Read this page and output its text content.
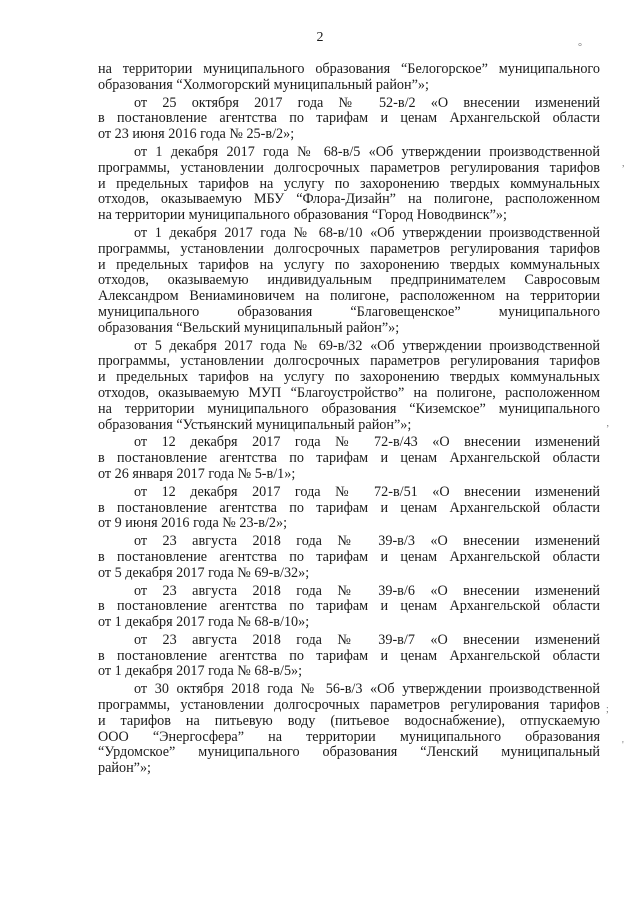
2
на территории муниципального образования “Белогорское” муниципального
образования “Холмогорский муниципальный район”»;
от 25 октября 2017 года № 52-в/2 «О внесении изменений
в постановление агентства по тарифам и ценам Архангельской области
от 23 июня 2016 года № 25-в/2»;
от 1 декабря 2017 года № 68-в/5 «Об утверждении производственной
программы, установлении долгосрочных параметров регулирования тарифов
и предельных тарифов на услугу по захоронению твердых коммунальных
отходов, оказываемую МБУ “Флора-Дизайн” на полигоне, расположенном
на территории муниципального образования “Город Новодвинск”»;
от 1 декабря 2017 года № 68-в/10 «Об утверждении производственной
программы, установлении долгосрочных параметров регулирования тарифов
и предельных тарифов на услугу по захоронению твердых коммунальных
отходов, оказываемую индивидуальным предпринимателем Савросовым
Александром Вениаминовичем на полигоне, расположенном на территории
муниципального образования “Благовещенское” муниципального
образования “Вельский муниципальный район”»;
от 5 декабря 2017 года № 69-в/32 «Об утверждении производственной
программы, установлении долгосрочных параметров регулирования тарифов
и предельных тарифов на услугу по захоронению твердых коммунальных
отходов, оказываемую МУП “Благоустройство” на полигоне, расположенном
на территории муниципального образования “Киземское” муниципального
образования “Устьянский муниципальный район”»;
от 12 декабря 2017 года № 72-в/43 «О внесении изменений
в постановление агентства по тарифам и ценам Архангельской области
от 26 января 2017 года № 5-в/1»;
от 12 декабря 2017 года № 72-в/51 «О внесении изменений
в постановление агентства по тарифам и ценам Архангельской области
от 9 июня 2016 года № 23-в/2»;
от 23 августа 2018 года № 39-в/3 «О внесении изменений
в постановление агентства по тарифам и ценам Архангельской области
от 5 декабря 2017 года № 69-в/32»;
от 23 августа 2018 года № 39-в/6 «О внесении изменений
в постановление агентства по тарифам и ценам Архангельской области
от 1 декабря 2017 года № 68-в/10»;
от 23 августа 2018 года № 39-в/7 «О внесении изменений
в постановление агентства по тарифам и ценам Архангельской области
от 1 декабря 2017 года № 68-в/5»;
от 30 октября 2018 года № 56-в/3 «Об утверждении производственной
программы, установлении долгосрочных параметров регулирования тарифов
и тарифов на питьевую воду (питьевое водоснабжение), отпускаемую
ООО “Энергосфера” на территории муниципального образования
“Урдомское” муниципального образования “Ленский муниципальный
район”»;
°
,
‚
;
'
